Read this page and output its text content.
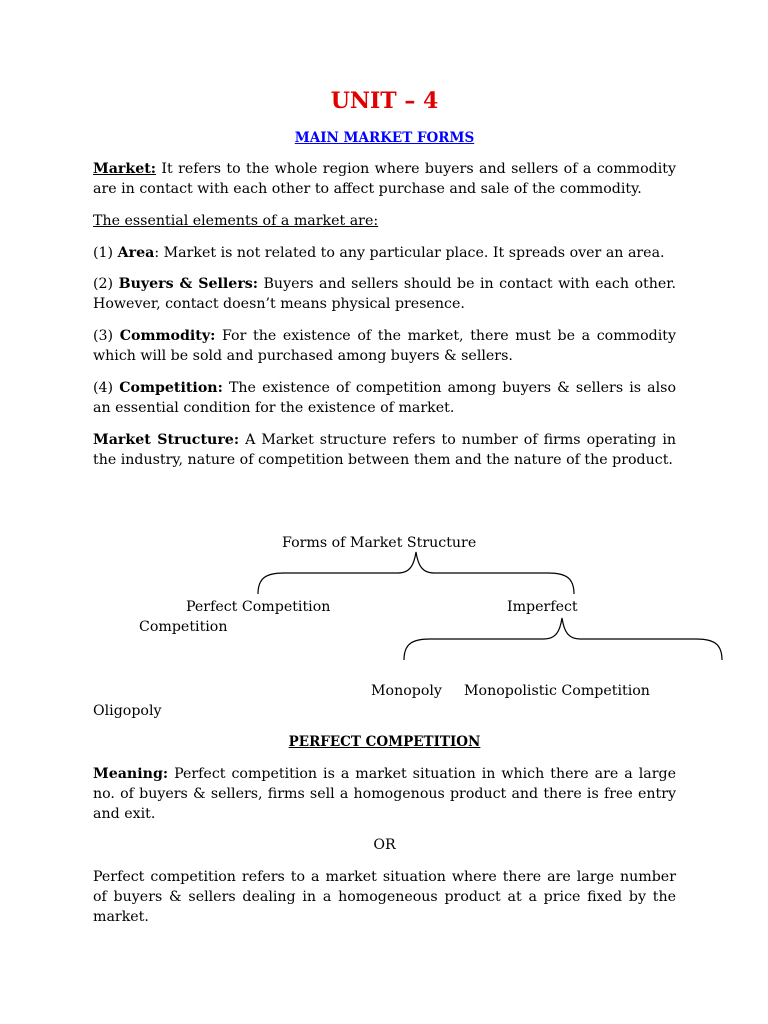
UNIT – 4
MAIN MARKET FORMS

Market: It refers to the whole region where buyers and sellers of a commodity are in contact with each other to affect purchase and sale of the commodity.

The essential elements of a market are:

(1) Area: Market is not related to any particular place. It spreads over an area.

(2) Buyers & Sellers: Buyers and sellers should be in contact with each other. However, contact doesn’t means physical presence.

(3) Commodity: For the existence of the market, there must be a commodity which will be sold and purchased among buyers & sellers.

(4) Competition: The existence of competition among buyers & sellers is also an essential condition for the existence of market.

Market Structure: A Market structure refers to number of firms operating in the industry, nature of competition between them and the nature of the product.

Forms of Market Structure
Perfect Competition
Competition
Imperfect
Monopoly Monopolistic Competition
Oligopoly
PERFECT COMPETITION

Meaning: Perfect competition is a market situation in which there are a large no. of buyers & sellers, firms sell a homogenous product and there is free entry and exit.

OR

Perfect competition refers to a market situation where there are large number of buyers & sellers dealing in a homogeneous product at a price fixed by the market.
